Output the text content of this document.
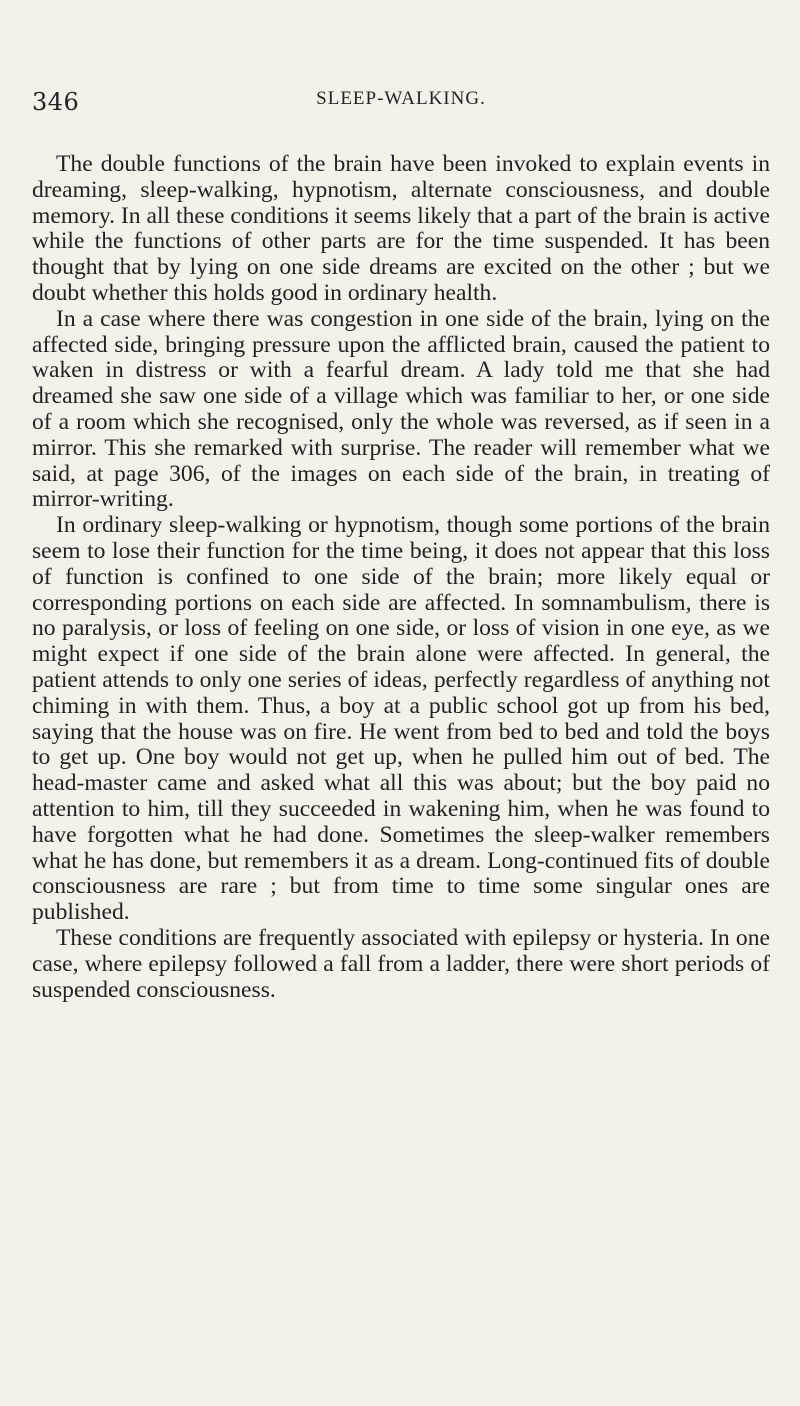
346	SLEEP-WALKING.

The double functions of the brain have been invoked to explain events in dreaming, sleep-walking, hypnotism, alternate consciousness, and double memory. In all these conditions it seems likely that a part of the brain is active while the functions of other parts are for the time suspended. It has been thought that by lying on one side dreams are excited on the other ; but we doubt whether this holds good in ordinary health.

In a case where there was congestion in one side of the brain, lying on the affected side, bringing pressure upon the afflicted brain, caused the patient to waken in distress or with a fearful dream. A lady told me that she had dreamed she saw one side of a village which was familiar to her, or one side of a room which she recognised, only the whole was reversed, as if seen in a mirror. This she remarked with surprise. The reader will remember what we said, at page 306, of the images on each side of the brain, in treating of mirror-writing.

In ordinary sleep-walking or hypnotism, though some portions of the brain seem to lose their function for the time being, it does not appear that this loss of function is confined to one side of the brain; more likely equal or corresponding portions on each side are affected. In somnambulism, there is no paralysis, or loss of feeling on one side, or loss of vision in one eye, as we might expect if one side of the brain alone were affected. In general, the patient attends to only one series of ideas, perfectly regardless of anything not chiming in with them. Thus, a boy at a public school got up from his bed, saying that the house was on fire. He went from bed to bed and told the boys to get up. One boy would not get up, when he pulled him out of bed. The head-master came and asked what all this was about; but the boy paid no attention to him, till they succeeded in wakening him, when he was found to have forgotten what he had done. Sometimes the sleep-walker remembers what he has done, but remembers it as a dream. Long-continued fits of double consciousness are rare ; but from time to time some singular ones are published.

These conditions are frequently associated with epilepsy or hysteria. In one case, where epilepsy followed a fall from a ladder, there were short periods of suspended consciousness.
